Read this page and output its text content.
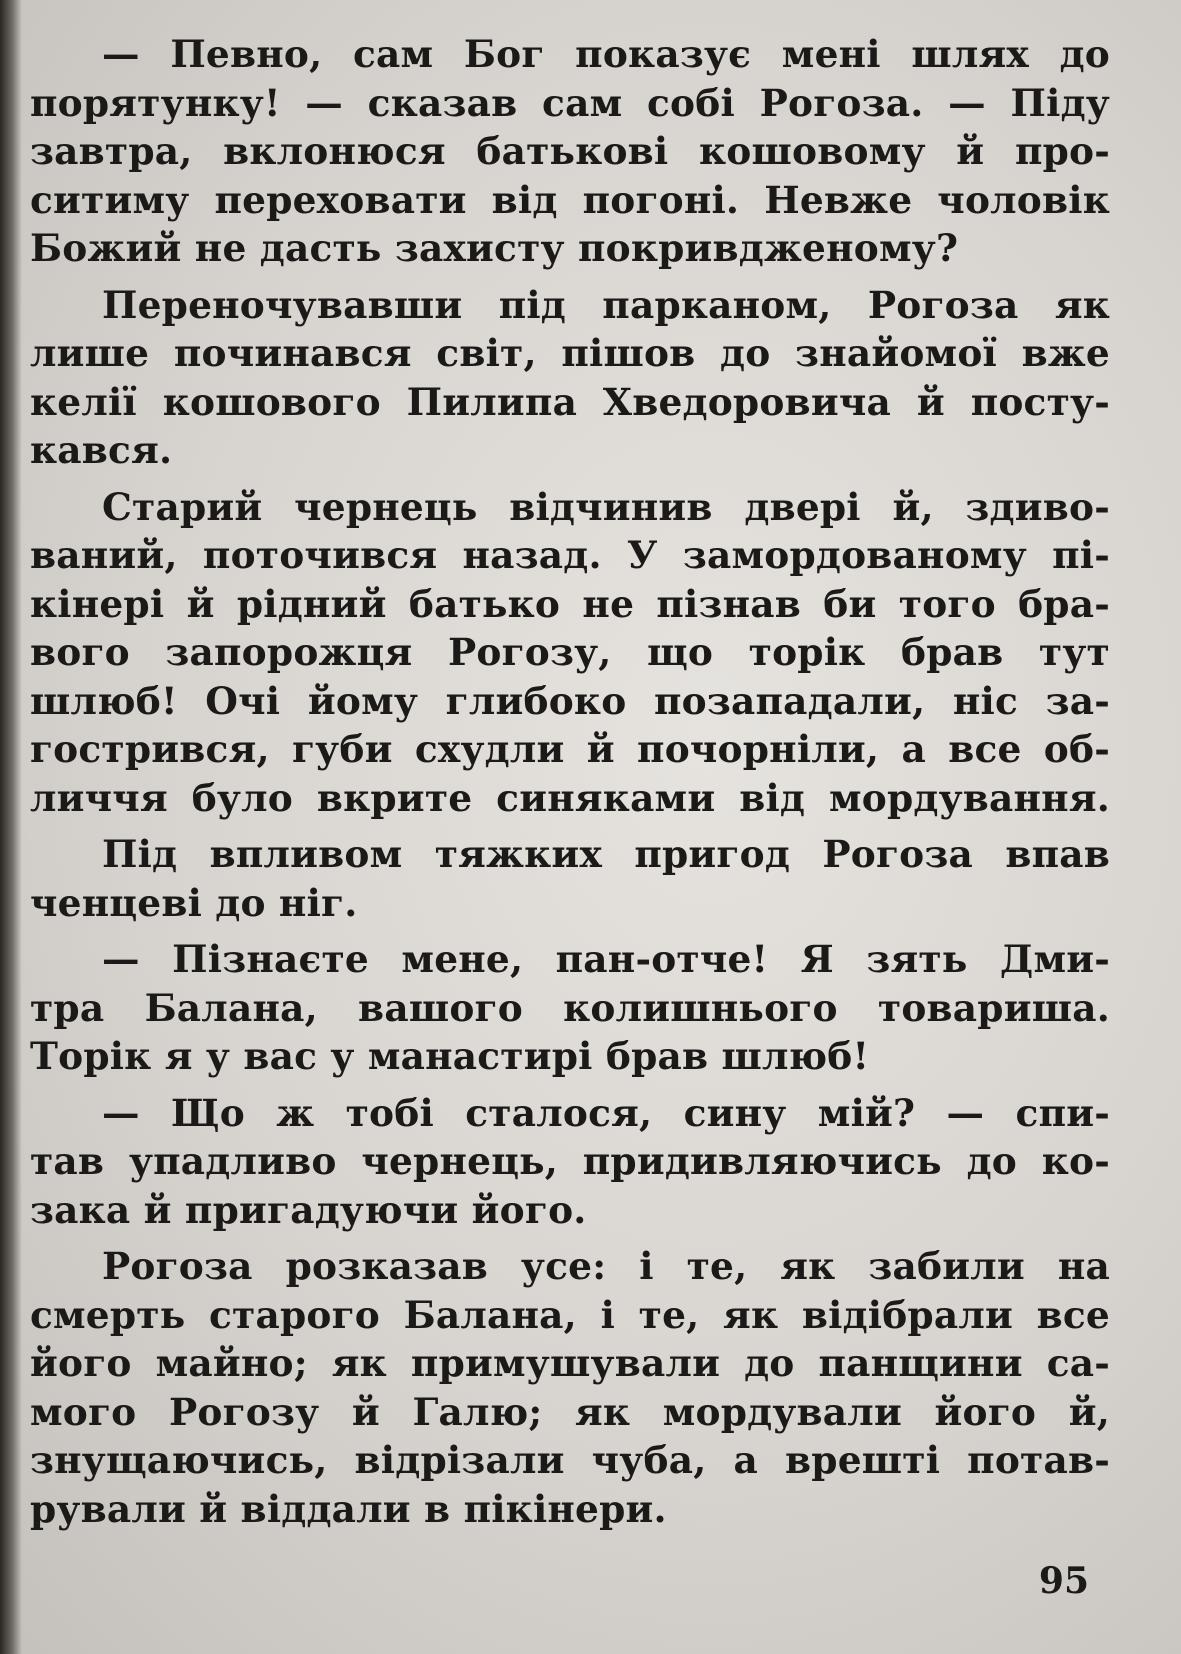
— Певно, сам Бог показує мені шлях до
порятунку! — сказав сам собі Рогоза. — Піду
завтра, вклонюся батькові кошовому й про-
ситиму переховати від погоні. Невже чоловік
Божий не дасть захисту покривдженому?
Переночувавши під парканом, Рогоза як
лише починався світ, пішов до знайомої вже
келії кошового Пилипа Хведоровича й посту-
кався.
Старий чернець відчинив двері й, здиво-
ваний, поточився назад. У замордованому пі-
кінері й рідний батько не пізнав би того бра-
вого запорожця Рогозу, що торік брав тут
шлюб! Очі йому глибоко позападали, ніс за-
гострився, губи схудли й почорніли, а все об-
личчя було вкрите синяками від мордування.
Під впливом тяжких пригод Рогоза впав
ченцеві до ніг.
— Пізнаєте мене, пан-отче! Я зять Дми-
тра Балана, вашого колишнього товариша.
Торік я у вас у манастирі брав шлюб!
— Що ж тобі сталося, сину мій? — спи-
тав упадливо чернець, придивляючись до ко-
зака й пригадуючи його.
Рогоза розказав усе: і те, як забили на
смерть старого Балана, і те, як відібрали все
його майно; як примушували до панщини са-
мого Рогозу й Галю; як мордували його й,
знущаючись, відрізали чуба, а врешті потав-
рували й віддали в пікінери.
95
